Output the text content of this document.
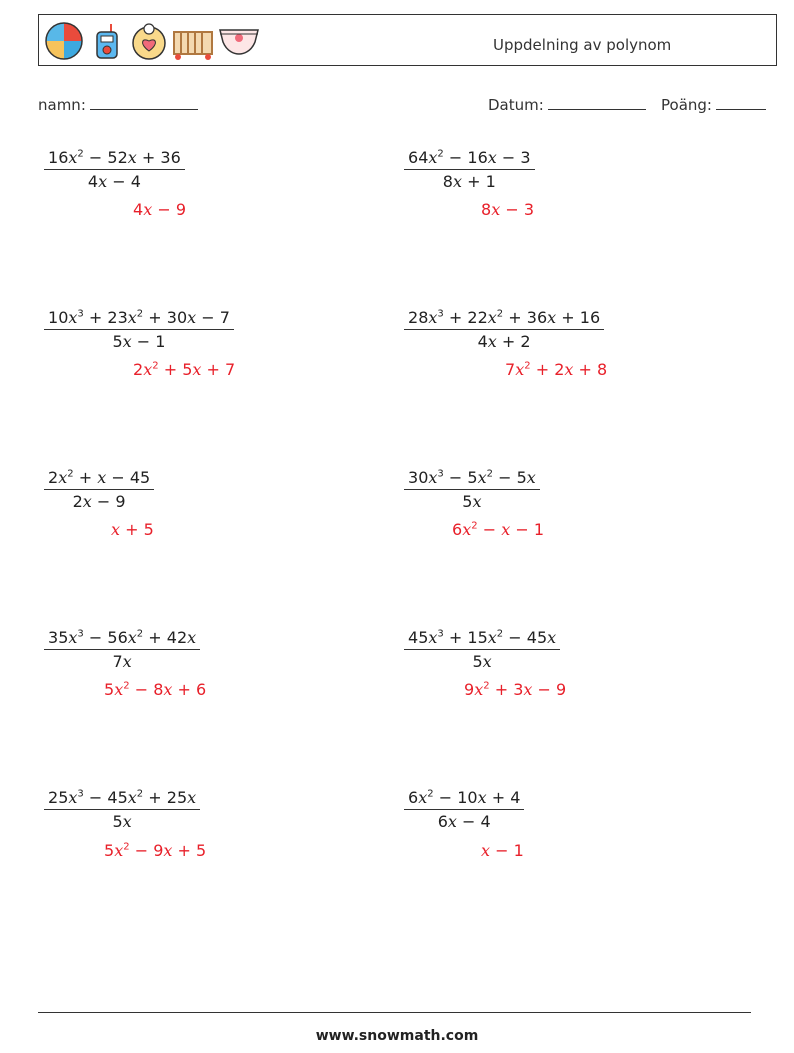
Uppdelning av polynom
namn:	Datum:	Poäng:
$\frac{16x^2 - 52x + 36}{4x - 4}$
4x − 9
$\frac{64x^2 - 16x - 3}{8x + 1}$
8x − 3
$\frac{10x^3 + 23x^2 + 30x - 7}{5x - 1}$
$2x^2 + 5x + 7$
$\frac{28x^3 + 22x^2 + 36x + 16}{4x + 2}$
$7x^2 + 2x + 8$
$\frac{2x^2 + x - 45}{2x - 9}$
x + 5
$\frac{30x^3 - 5x^2 - 5x}{5x}$
$6x^2 - x - 1$
$\frac{35x^3 - 56x^2 + 42x}{7x}$
$5x^2 - 8x + 6$
$\frac{45x^3 + 15x^2 - 45x}{5x}$
$9x^2 + 3x - 9$
$\frac{25x^3 - 45x^2 + 25x}{5x}$
$5x^2 - 9x + 5$
$\frac{6x^2 - 10x + 4}{6x - 4}$
x − 1
www.snowmath.com
